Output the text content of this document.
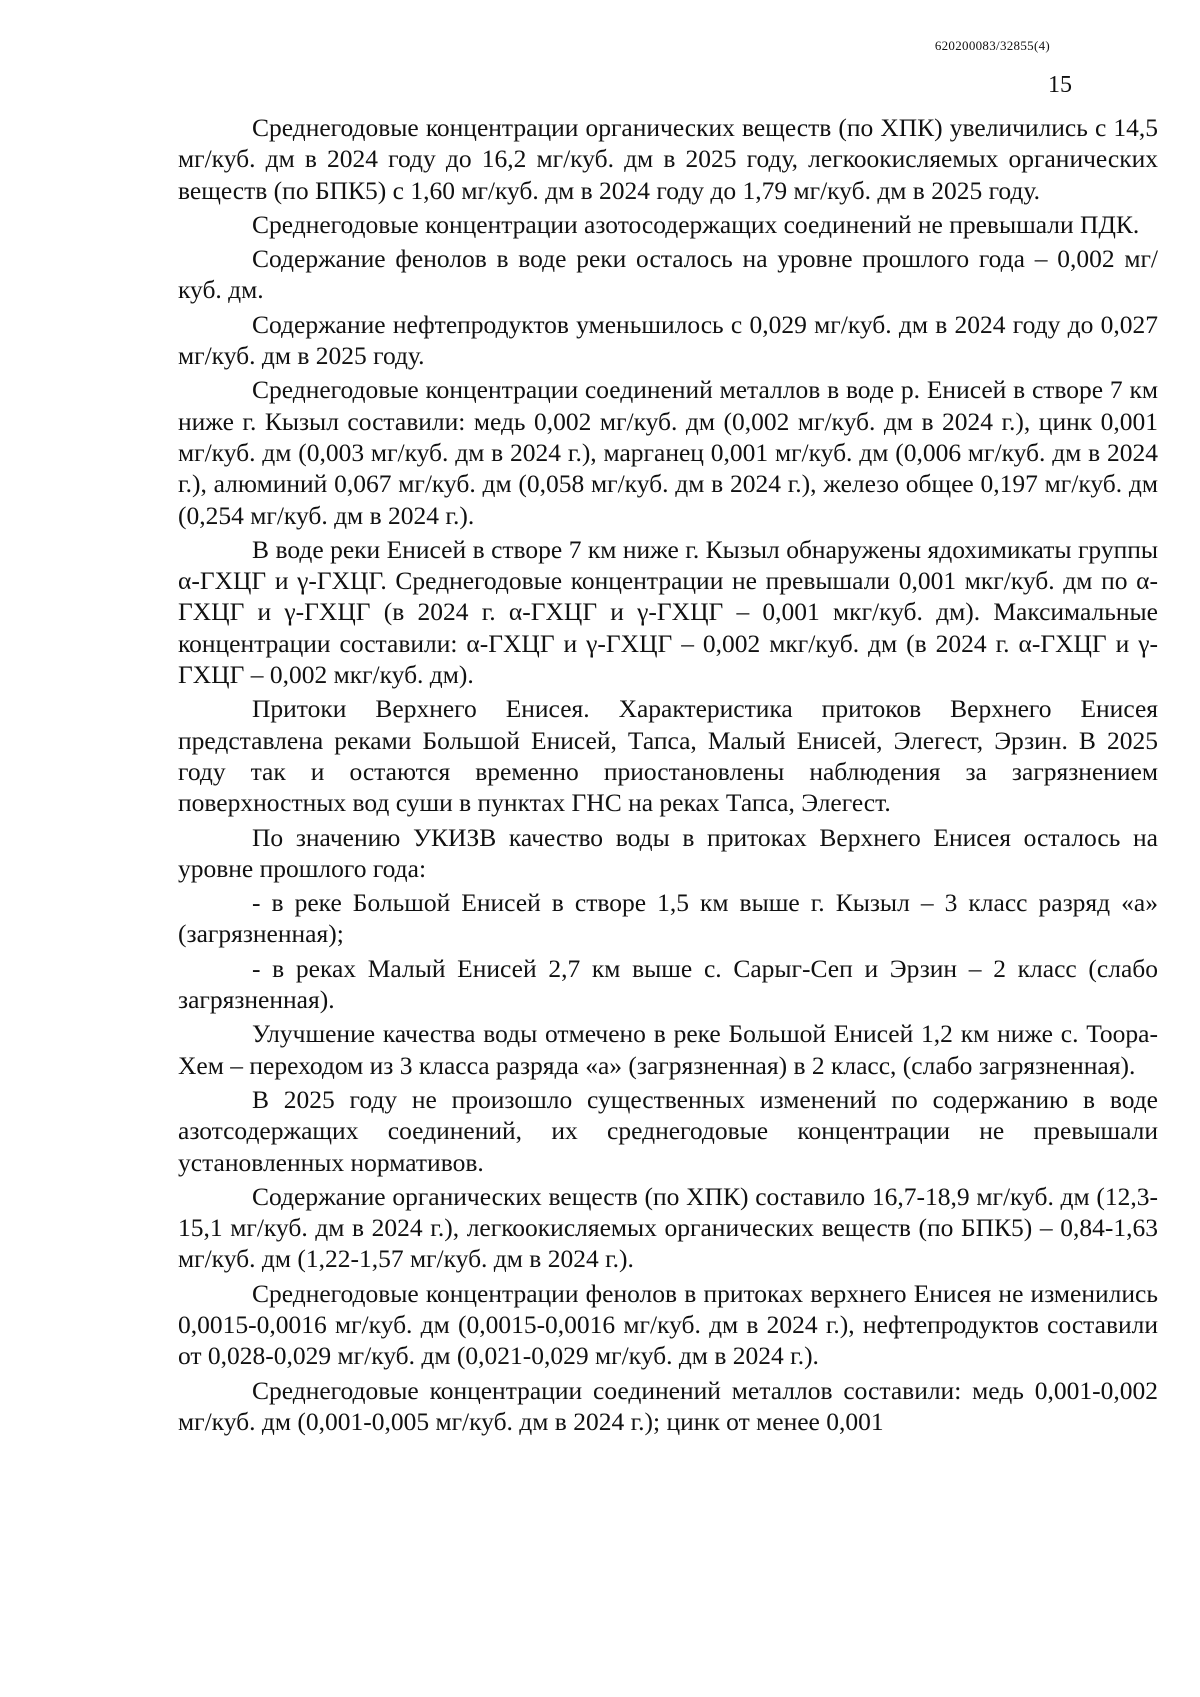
620200083/32855(4)
15

Среднегодовые концентрации органических веществ (по ХПК) увеличились с 14,5 мг/куб. дм в 2024 году до 16,2 мг/куб. дм в 2025 году, легкоокисляемых органических веществ (по БПК5) с 1,60 мг/куб. дм в 2024 году до 1,79 мг/куб. дм в 2025 году.

Среднегодовые концентрации азотосодержащих соединений не превышали ПДК.

Содержание фенолов в воде реки осталось на уровне прошлого года – 0,002 мг/куб. дм.

Содержание нефтепродуктов уменьшилось с 0,029 мг/куб. дм в 2024 году до 0,027 мг/куб. дм в 2025 году.

Среднегодовые концентрации соединений металлов в воде р. Енисей в створе 7 км ниже г. Кызыл составили: медь 0,002 мг/куб. дм (0,002 мг/куб. дм в 2024 г.), цинк 0,001 мг/куб. дм (0,003 мг/куб. дм в 2024 г.), марганец 0,001 мг/куб. дм (0,006 мг/куб. дм в 2024 г.), алюминий 0,067 мг/куб. дм (0,058 мг/куб. дм в 2024 г.), железо общее 0,197 мг/куб. дм (0,254 мг/куб. дм в 2024 г.).

В воде реки Енисей в створе 7 км ниже г. Кызыл обнаружены ядохимикаты группы α-ГХЦГ и γ-ГХЦГ. Среднегодовые концентрации не превышали 0,001 мкг/куб. дм по α-ГХЦГ и γ-ГХЦГ (в 2024 г. α-ГХЦГ и γ-ГХЦГ – 0,001 мкг/куб. дм). Максимальные концентрации составили: α-ГХЦГ и γ-ГХЦГ – 0,002 мкг/куб. дм (в 2024 г. α-ГХЦГ и γ-ГХЦГ – 0,002 мкг/куб. дм).

Притоки Верхнего Енисея. Характеристика притоков Верхнего Енисея представлена реками Большой Енисей, Тапса, Малый Енисей, Элегест, Эрзин. В 2025 году так и остаются временно приостановлены наблюдения за загрязнением поверхностных вод суши в пунктах ГНС на реках Тапса, Элегест.

По значению УКИЗВ качество воды в притоках Верхнего Енисея осталось на уровне прошлого года:

- в реке Большой Енисей в створе 1,5 км выше г. Кызыл – 3 класс разряд «а» (загрязненная);

- в реках Малый Енисей 2,7 км выше с. Сарыг-Сеп и Эрзин – 2 класс (слабо загрязненная).

Улучшение качества воды отмечено в реке Большой Енисей 1,2 км ниже с. Тоора-Хем – переходом из 3 класса разряда «а» (загрязненная) в 2 класс, (слабо загрязненная).

В 2025 году не произошло существенных изменений по содержанию в воде азотсодержащих соединений, их среднегодовые концентрации не превышали установленных нормативов.

Содержание органических веществ (по ХПК) составило 16,7-18,9 мг/куб. дм (12,3-15,1 мг/куб. дм в 2024 г.), легкоокисляемых органических веществ (по БПК5) – 0,84-1,63 мг/куб. дм (1,22-1,57 мг/куб. дм в 2024 г.).

Среднегодовые концентрации фенолов в притоках верхнего Енисея не изменились 0,0015-0,0016 мг/куб. дм (0,0015-0,0016 мг/куб. дм в 2024 г.), нефтепродуктов составили от 0,028-0,029 мг/куб. дм (0,021-0,029 мг/куб. дм в 2024 г.).

Среднегодовые концентрации соединений металлов составили: медь 0,001-0,002 мг/куб. дм (0,001-0,005 мг/куб. дм в 2024 г.); цинк от менее 0,001
